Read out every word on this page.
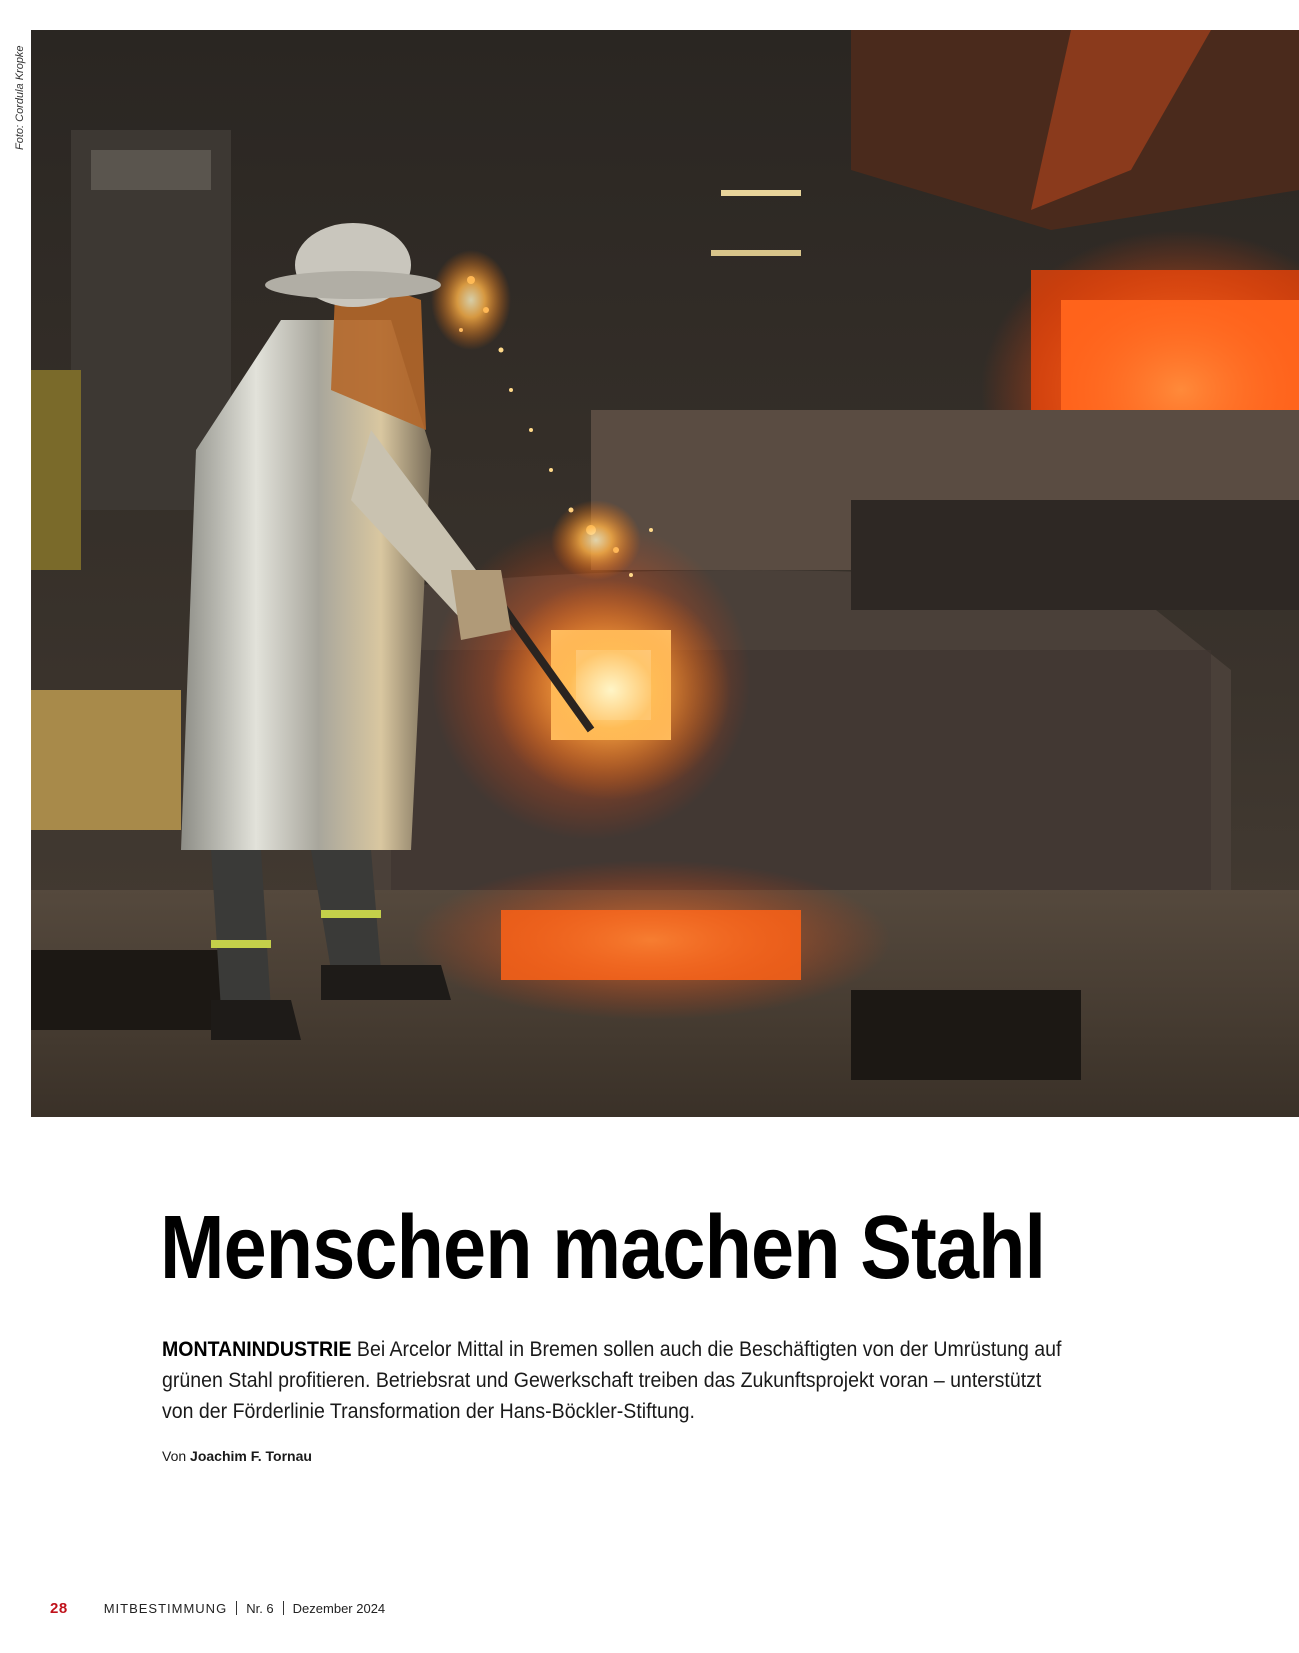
Foto: Cordula Kropke
Menschen machen Stahl

MONTANINDUSTRIE Bei Arcelor Mittal in Bremen sollen auch die Beschäftigten von der Umrüstung auf grünen Stahl profitieren. Betriebsrat und Gewerkschaft treiben das Zukunftsprojekt voran – unterstützt von der Förderlinie Transformation der Hans-Böckler-Stiftung.

Von Joachim F. Tornau

28	MITBESTIMMUNG Nr. 6 Dezember 2024
